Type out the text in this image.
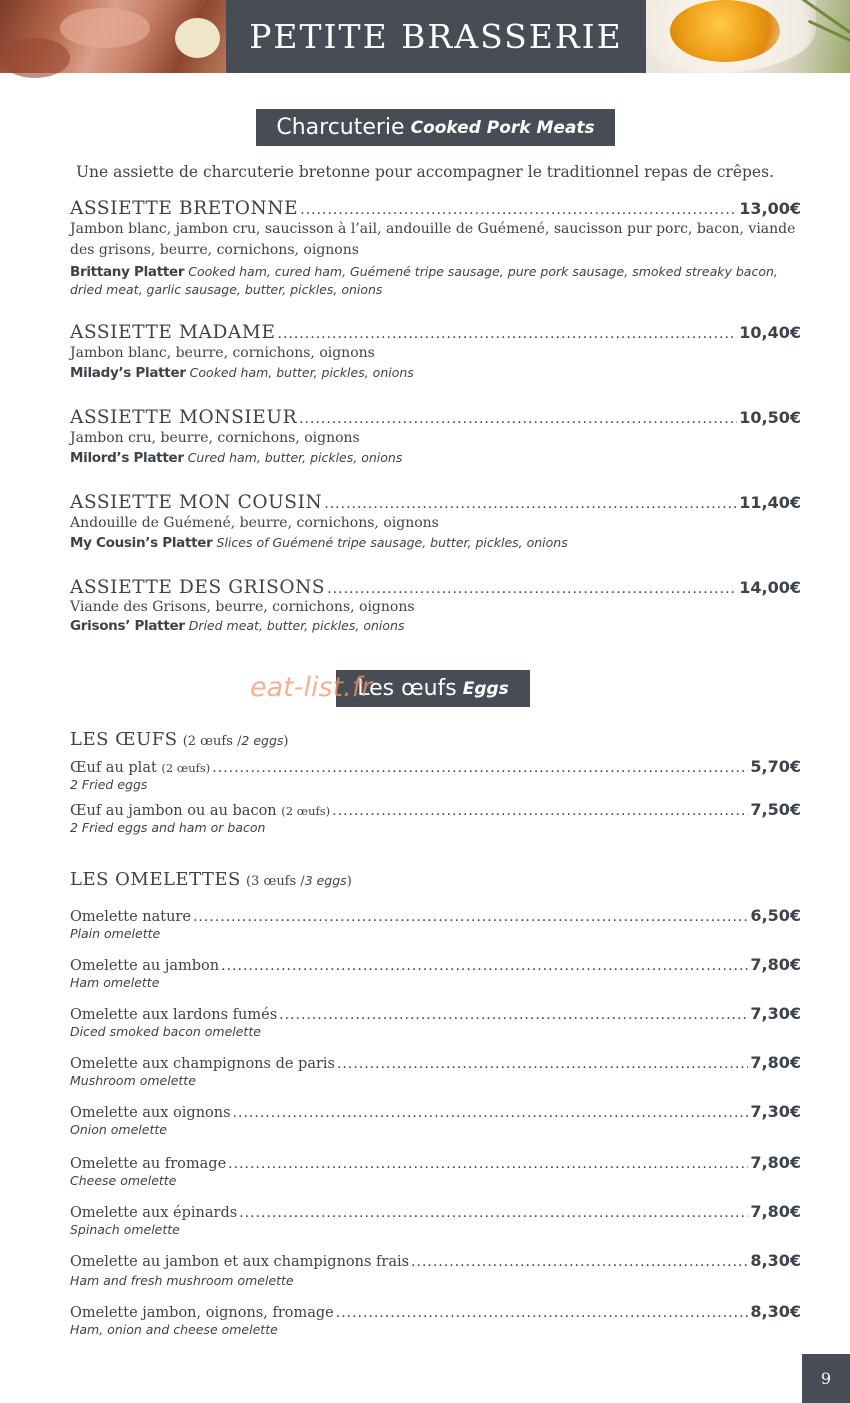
PETITE BRASSERIE
Charcuterie Cooked Pork Meats
Une assiette de charcuterie bretonne pour accompagner le traditionnel repas de crêpes.
ASSIETTE BRETONNE .....	13,00€
Jambon blanc, jambon cru, saucisson à l’ail, andouille de Guémené, saucisson pur porc, bacon, viande des grisons, beurre, cornichons, oignons
Brittany Platter Cooked ham, cured ham, Guémené tripe sausage, pure pork sausage, smoked streaky bacon, dried meat, garlic sausage, butter, pickles, onions
ASSIETTE MADAME .....	10,40€
Jambon blanc, beurre, cornichons, oignons
Milady’s Platter Cooked ham, butter, pickles, onions
ASSIETTE MONSIEUR .....	10,50€
Jambon cru, beurre, cornichons, oignons
Milord’s Platter Cured ham, butter, pickles, onions
ASSIETTE MON COUSIN .....	11,40€
Andouille de Guémené, beurre, cornichons, oignons
My Cousin’s Platter Slices of Guémené tripe sausage, butter, pickles, onions
ASSIETTE DES GRISONS .....	14,00€
Viande des Grisons, beurre, cornichons, oignons
Grisons’ Platter Dried meat, butter, pickles, onions
Les œufs Eggs
eat-list.fr
LES ŒUFS (2 œufs /2 eggs)
Œuf au plat (2 œufs) .....	5,70€
2 Fried eggs
Œuf au jambon ou au bacon (2 œufs) .....	7,50€
2 Fried eggs and ham or bacon
LES OMELETTES (3 œufs /3 eggs)
Omelette nature .....	6,50€
Plain omelette
Omelette au jambon .....	7,80€
Ham omelette
Omelette aux lardons fumés .....	7,30€
Diced smoked bacon omelette
Omelette aux champignons de paris .....	7,80€
Mushroom omelette
Omelette aux oignons .....	7,30€
Onion omelette
Omelette au fromage .....	7,80€
Cheese omelette
Omelette aux épinards .....	7,80€
Spinach omelette
Omelette au jambon et aux champignons frais .....	8,30€
Ham and fresh mushroom omelette
Omelette jambon, oignons, fromage .....	8,30€
Ham, onion and cheese omelette
9
